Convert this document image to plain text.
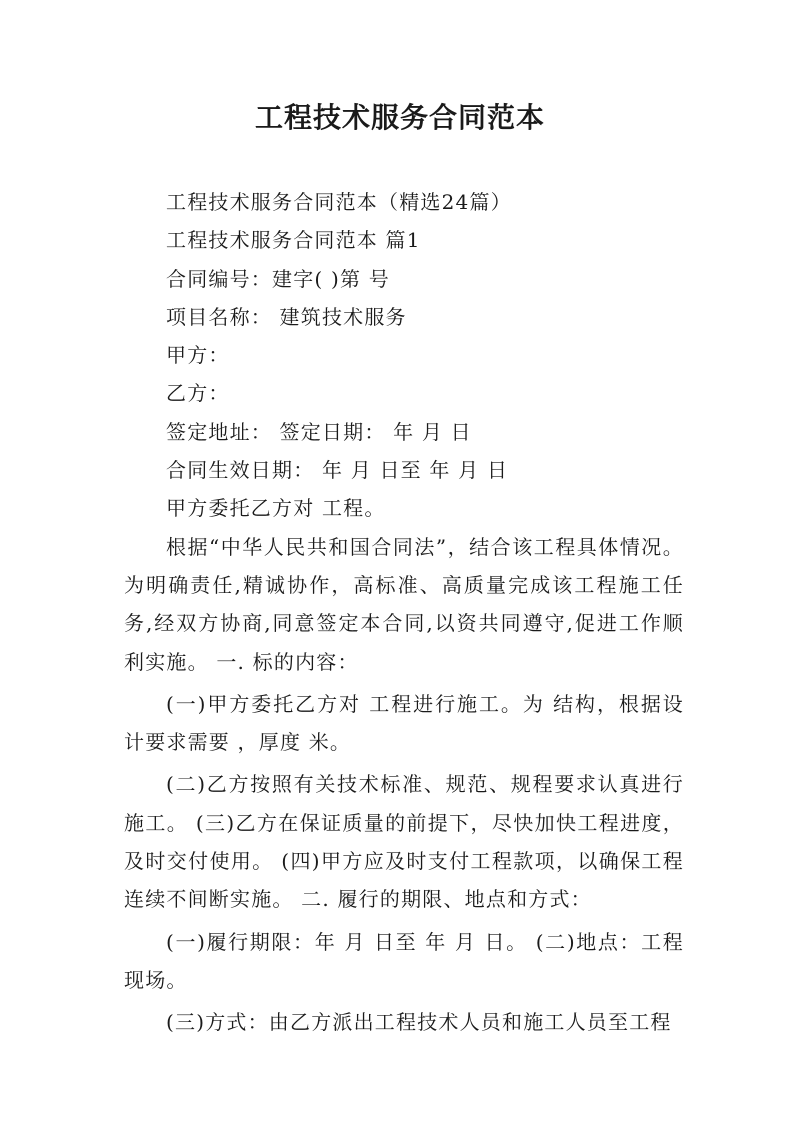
工程技术服务合同范本

工程技术服务合同范本（精选24篇）

工程技术服务合同范本 篇1

合同编号：建字( )第 号

项目名称： 建筑技术服务

甲方：

乙方：

签定地址： 签定日期： 年 月 日

合同生效日期： 年 月 日至 年 月 日

甲方委托乙方对 工程。

根据“中华人民共和国合同法”，结合该工程具体情况。为明确责任,精诚协作，高标准、高质量完成该工程施工任务,经双方协商,同意签定本合同,以资共同遵守,促进工作顺利实施。 一. 标的内容：

(一)甲方委托乙方对 工程进行施工。为 结构，根据设计要求需要 ，厚度 米。

(二)乙方按照有关技术标准、规范、规程要求认真进行施工。 (三)乙方在保证质量的前提下，尽快加快工程进度，及时交付使用。 (四)甲方应及时支付工程款项，以确保工程连续不间断实施。 二. 履行的期限、地点和方式：

(一)履行期限：年 月 日至 年 月 日。 (二)地点：工程现场。

(三)方式：由乙方派出工程技术人员和施工人员至工程
